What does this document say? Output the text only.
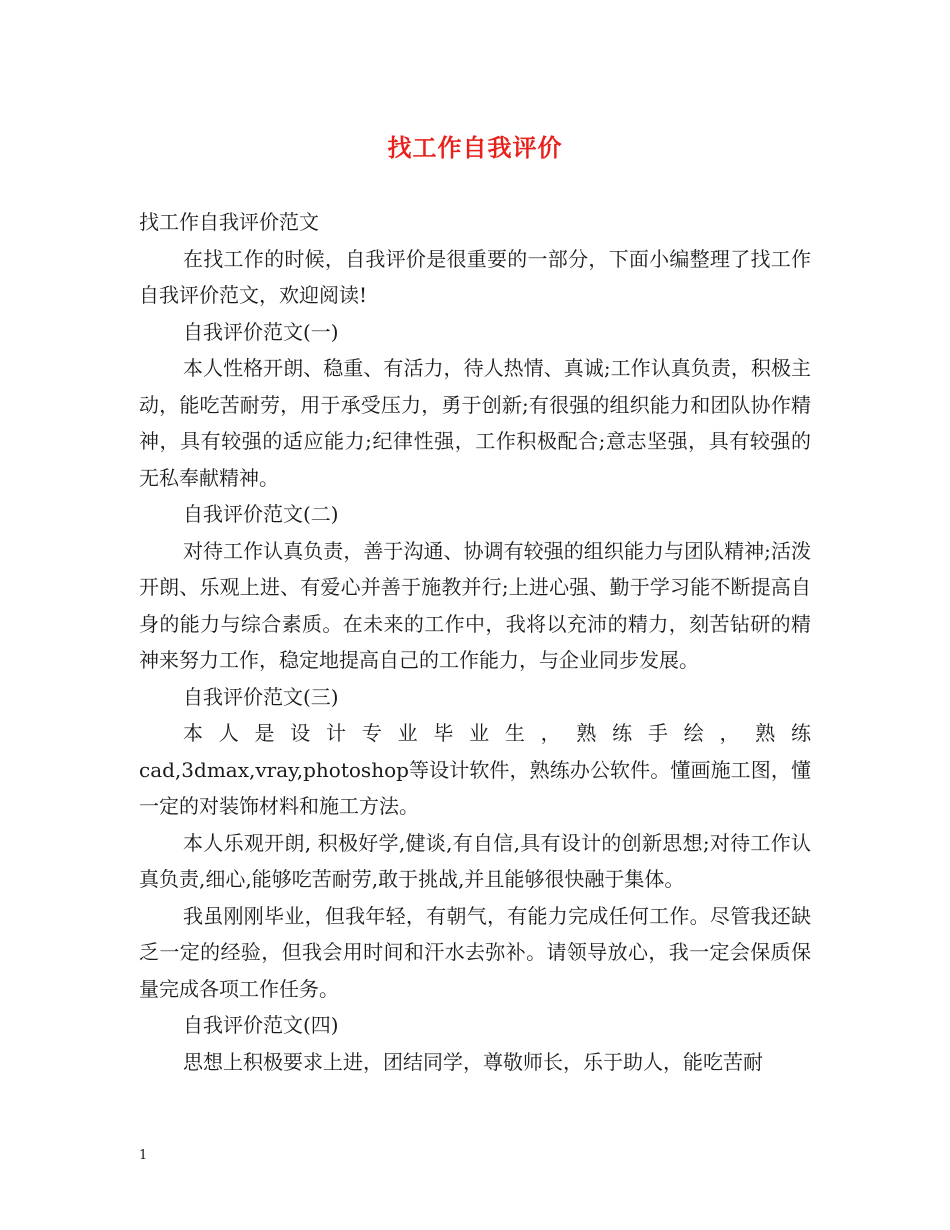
找工作自我评价

找工作自我评价范文

在找工作的时候，自我评价是很重要的一部分，下面小编整理了找工作自我评价范文，欢迎阅读!

自我评价范文(一)

本人性格开朗、稳重、有活力，待人热情、真诚;工作认真负责，积极主动，能吃苦耐劳，用于承受压力，勇于创新;有很强的组织能力和团队协作精神，具有较强的适应能力;纪律性强，工作积极配合;意志坚强，具有较强的无私奉献精神。

自我评价范文(二)

对待工作认真负责，善于沟通、协调有较强的组织能力与团队精神;活泼开朗、乐观上进、有爱心并善于施教并行;上进心强、勤于学习能不断提高自身的能力与综合素质。在未来的工作中，我将以充沛的精力，刻苦钻研的精神来努力工作，稳定地提高自己的工作能力，与企业同步发展。

自我评价范文(三)

本人是设计专业毕业生，熟练手绘，熟练cad,3dmax,vray,photoshop等设计软件，熟练办公软件。懂画施工图，懂一定的对装饰材料和施工方法。

本人乐观开朗, 积极好学,健谈,有自信,具有设计的创新思想;对待工作认真负责,细心,能够吃苦耐劳,敢于挑战,并且能够很快融于集体。

我虽刚刚毕业，但我年轻，有朝气，有能力完成任何工作。尽管我还缺乏一定的经验，但我会用时间和汗水去弥补。请领导放心，我一定会保质保量完成各项工作任务。

自我评价范文(四)

思想上积极要求上进，团结同学，尊敬师长，乐于助人，能吃苦耐

1
